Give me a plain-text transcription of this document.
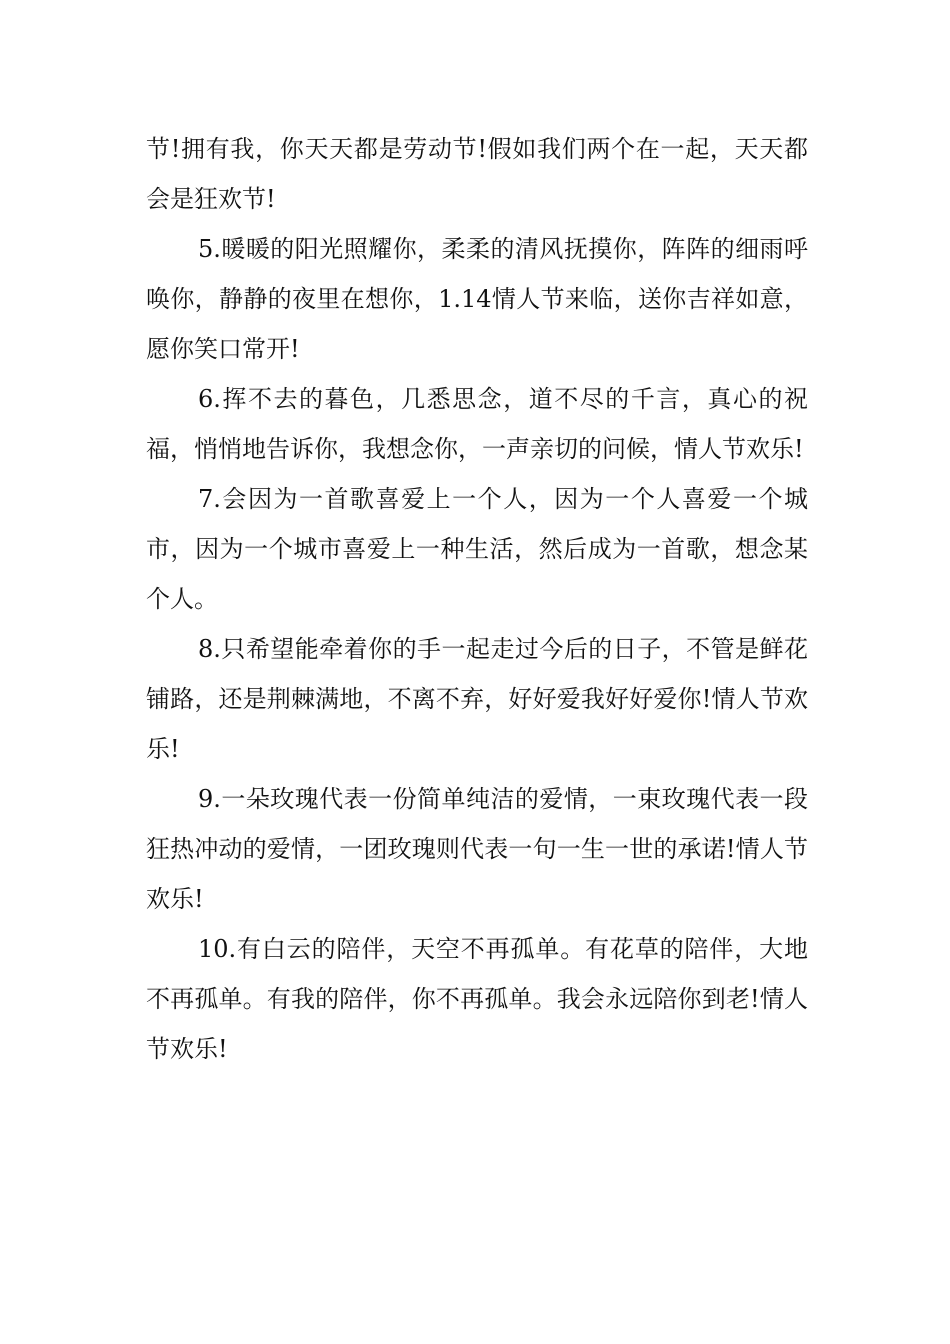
节!拥有我，你天天都是劳动节!假如我们两个在一起，天天都会是狂欢节!

5.暖暖的阳光照耀你，柔柔的清风抚摸你，阵阵的细雨呼唤你，静静的夜里在想你，1.14情人节来临，送你吉祥如意，愿你笑口常开!

6.挥不去的暮色，几悉思念，道不尽的千言，真心的祝福，悄悄地告诉你，我想念你，一声亲切的问候，情人节欢乐!

7.会因为一首歌喜爱上一个人，因为一个人喜爱一个城市，因为一个城市喜爱上一种生活，然后成为一首歌，想念某个人。

8.只希望能牵着你的手一起走过今后的日子，不管是鲜花铺路，还是荆棘满地，不离不弃，好好爱我好好爱你!情人节欢乐!

9.一朵玫瑰代表一份简单纯洁的爱情，一束玫瑰代表一段狂热冲动的爱情，一团玫瑰则代表一句一生一世的承诺!情人节欢乐!

10.有白云的陪伴，天空不再孤单。有花草的陪伴，大地不再孤单。有我的陪伴，你不再孤单。我会永远陪你到老!情人节欢乐!
